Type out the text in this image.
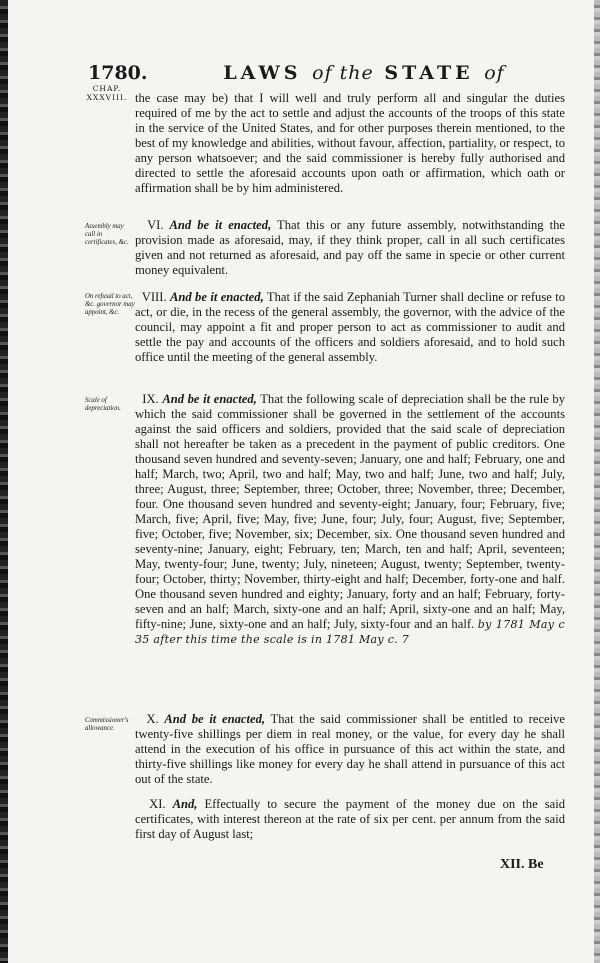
1780.	LAWS of the STATE of
CHAP. XXXVIII. the case may be) that I will well and truly perform all and singular the duties required of me by the act to settle and adjust the accounts of the troops of this state in the service of the United States, and for other purposes therein mentioned, to the best of my knowledge and abilities, without favour, affection, partiality, or respect, to any person whatsoever; and the said commissioner is hereby fully authorised and directed to settle the aforesaid accounts upon oath or affirmation, which oath or affirmation shall be by him administered.
Assembly may call in certificates, &c.
VI. And be it enacted, That this or any future assembly, notwithstanding the provision made as aforesaid, may, if they think proper, call in all such certificates given and not returned as aforesaid, and pay off the same in specie or other current money equivalent.
On refusal to act, &c. governor may appoint, &c.
VIII. And be it enacted, That if the said Zephaniah Turner shall decline or refuse to act, or die, in the recess of the general assembly, the governor, with the advice of the council, may appoint a fit and proper person to act as commissioner to audit and settle the pay and accounts of the officers and soldiers aforesaid, and to hold such office until the meeting of the general assembly.
Scale of depreciation.
IX. And be it enacted, That the following scale of depreciation shall be the rule by which the said commissioner shall be governed in the settlement of the accounts against the said officers and soldiers, provided that the said scale of depreciation shall not hereafter be taken as a precedent in the payment of public creditors. One thousand seven hundred and seventy-seven; January, one and half; February, one and half; March, two; April, two and half; May, two and half; June, two and half; July, three; August, three; September, three; October, three; November, three; December, four. One thousand seven hundred and seventy-eight; January, four; February, five; March, five; April, five; May, five; June, four; July, four; August, five; September, five; October, five; November, six; December, six. One thousand seven hundred and seventy-nine; January, eight; February, ten; March, ten and half; April, seventeen; May, twenty-four; June, twenty; July, nineteen; August, twenty; September, twenty-four; October, thirty; November, thirty-eight and half; December, forty-one and half. One thousand seven hundred and eighty; January, forty and an half; February, forty-seven and an half; March, sixty-one and an half; April, sixty-one and an half; May, fifty-nine; June, sixty-one and an half; July, sixty-four and an half. by 1781 May c 35 after this time the scale is in 1781 May c. 7
Commissioner's allowance.
X. And be it enacted, That the said commissioner shall be entitled to receive twenty-five shillings per diem in real money, or the value, for every day he shall attend in the execution of his office in pursuance of this act within the state, and thirty-five shillings like money for every day he shall attend in pursuance of this act out of the state.
XI. And, Effectually to secure the payment of the money due on the said certificates, with interest thereon at the rate of six per cent. per annum from the said first day of August last;
XII. Be
